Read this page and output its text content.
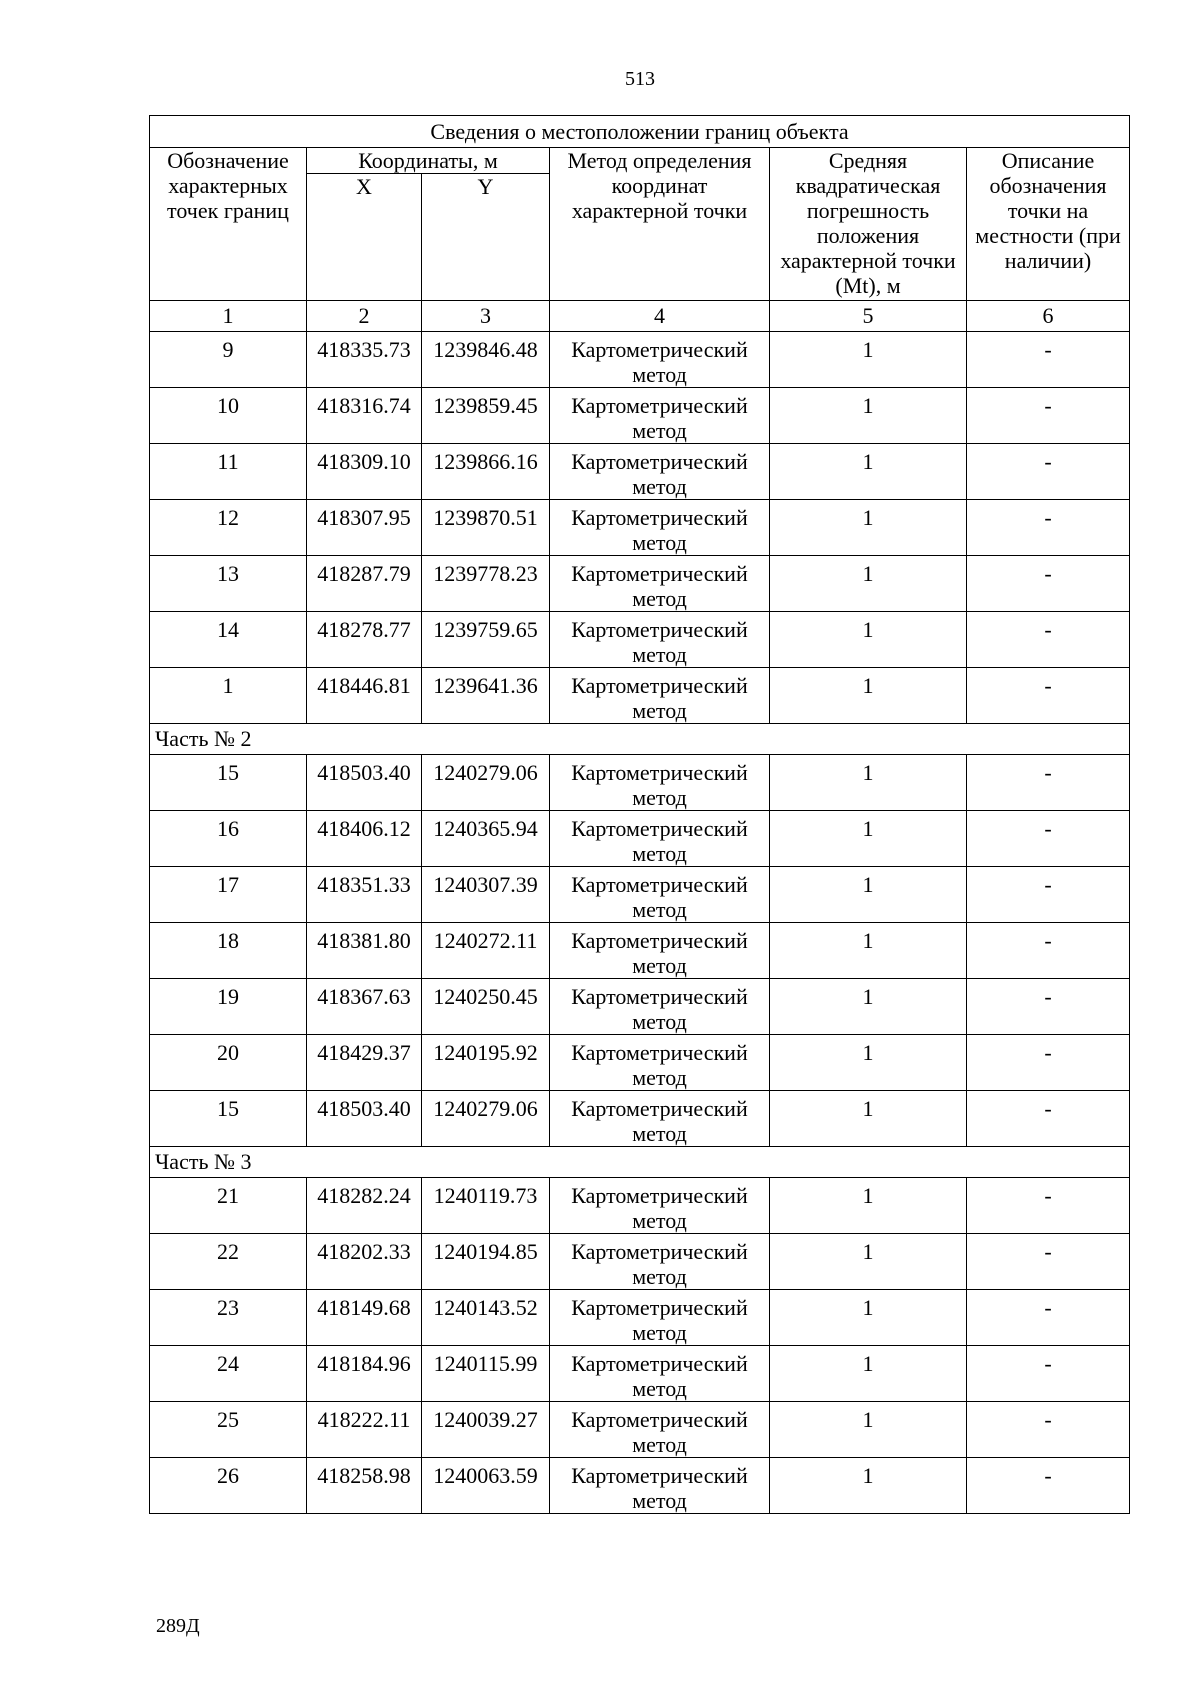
513
Сведения о местоположении границ объекта					
Обозначение характерных точек границ	Координаты, м		Метод определения координат характерной точки	Средняя квадратическая погрешность положения характерной точки (Mt), м	Описание обозначения точки на местности (при наличии)
	X	Y			
1	2	3	4	5	6
9	418335.73	1239846.48	Картометрический метод	1	-
10	418316.74	1239859.45	Картометрический метод	1	-
11	418309.10	1239866.16	Картометрический метод	1	-
12	418307.95	1239870.51	Картометрический метод	1	-
13	418287.79	1239778.23	Картометрический метод	1	-
14	418278.77	1239759.65	Картометрический метод	1	-
1	418446.81	1239641.36	Картометрический метод	1	-
Часть № 2					
15	418503.40	1240279.06	Картометрический метод	1	-
16	418406.12	1240365.94	Картометрический метод	1	-
17	418351.33	1240307.39	Картометрический метод	1	-
18	418381.80	1240272.11	Картометрический метод	1	-
19	418367.63	1240250.45	Картометрический метод	1	-
20	418429.37	1240195.92	Картометрический метод	1	-
15	418503.40	1240279.06	Картометрический метод	1	-
Часть № 3					
21	418282.24	1240119.73	Картометрический метод	1	-
22	418202.33	1240194.85	Картометрический метод	1	-
23	418149.68	1240143.52	Картометрический метод	1	-
24	418184.96	1240115.99	Картометрический метод	1	-
25	418222.11	1240039.27	Картометрический метод	1	-
26	418258.98	1240063.59	Картометрический метод	1	-
289Д
